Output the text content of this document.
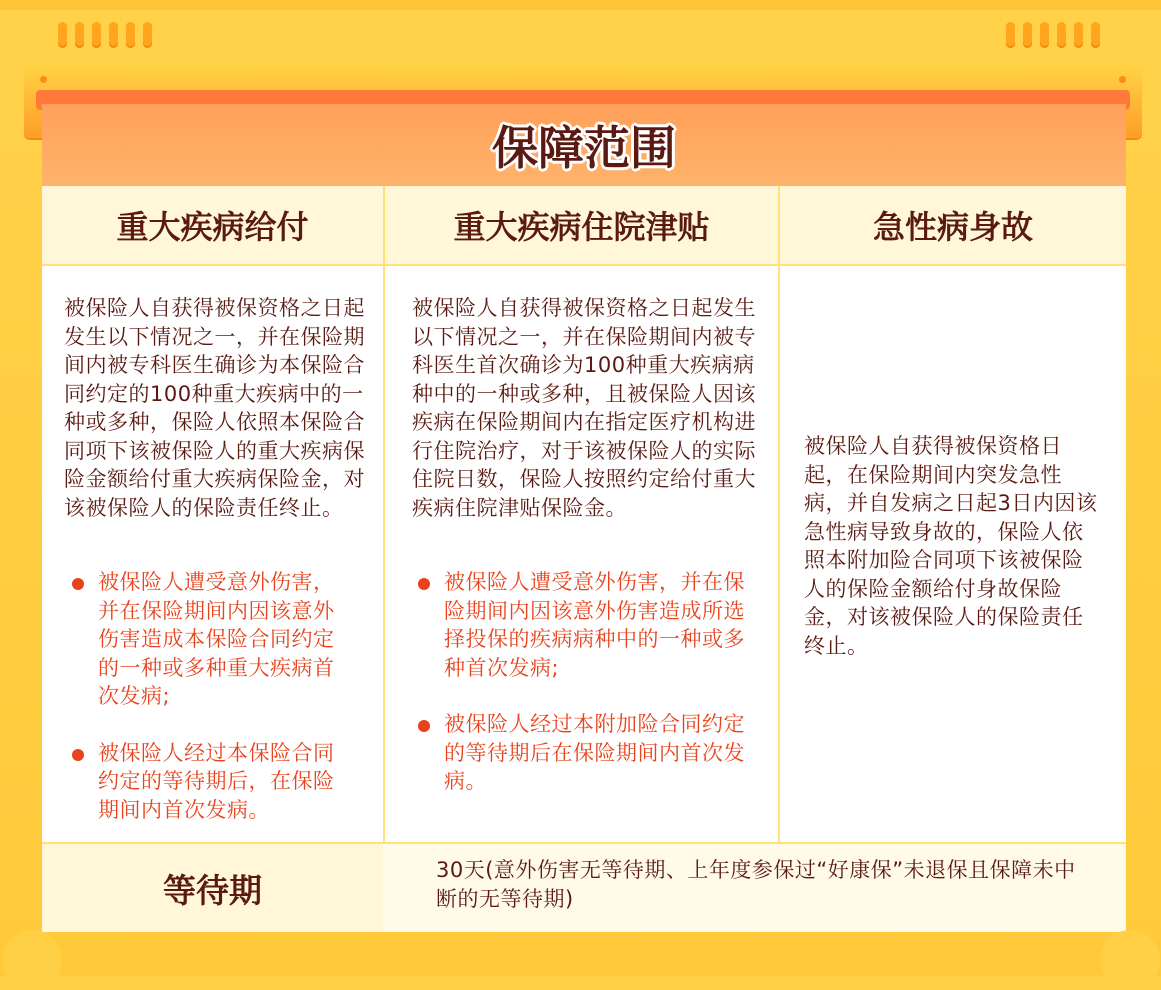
保障范围
重大疾病给付	重大疾病住院津贴	急性病身故
被保险人自获得被保资格之日起发生以下情况之一，并在保险期间内被专科医生确诊为本保险合同约定的100种重大疾病中的一种或多种，保险人依照本保险合同项下该被保险人的重大疾病保险金额给付重大疾病保险金，对该被保险人的保险责任终止。
被保险人遭受意外伤害，并在保险期间内因该意外伤害造成本保险合同约定的一种或多种重大疾病首次发病;
被保险人经过本保险合同约定的等待期后，在保险期间内首次发病。
被保险人自获得被保资格之日起发生以下情况之一，并在保险期间内被专科医生首次确诊为100种重大疾病病种中的一种或多种，且被保险人因该疾病在保险期间内在指定医疗机构进行住院治疗，对于该被保险人的实际住院日数，保险人按照约定给付重大疾病住院津贴保险金。
被保险人遭受意外伤害，并在保险期间内因该意外伤害造成所选择投保的疾病病种中的一种或多种首次发病;
被保险人经过本附加险合同约定的等待期后在保险期间内首次发病。
被保险人自获得被保资格日起，在保险期间内突发急性病，并自发病之日起3日内因该急性病导致身故的，保险人依照本附加险合同项下该被保险人的保险金额给付身故保险金，对该被保险人的保险责任终止。
等待期
30天(意外伤害无等待期、上年度参保过“好康保”未退保且保障未中断的无等待期)
